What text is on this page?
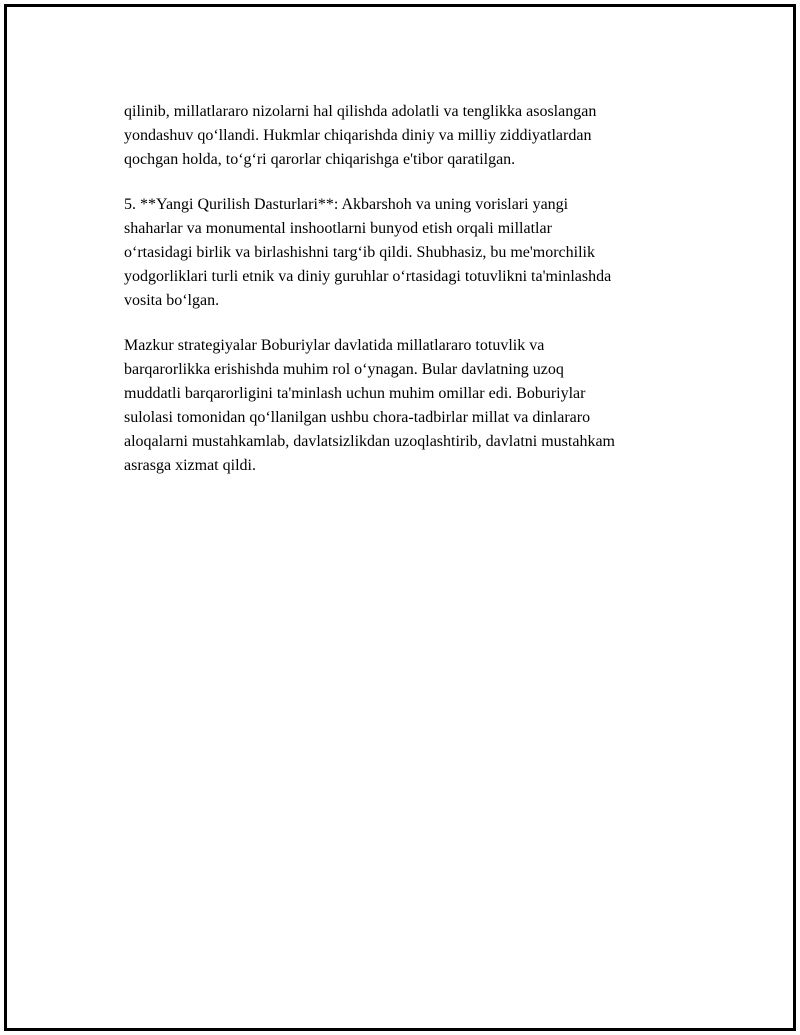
qilinib, millatlararo nizolarni hal qilishda adolatli va tenglikka asoslangan
yondashuv qo‘llandi. Hukmlar chiqarishda diniy va milliy ziddiyatlardan
qochgan holda, to‘g‘ri qarorlar chiqarishga e'tibor qaratilgan.

5. **Yangi Qurilish Dasturlari**: Akbarshoh va uning vorislari yangi
shaharlar va monumental inshootlarni bunyod etish orqali millatlar
o‘rtasidagi birlik va birlashishni targ‘ib qildi. Shubhasiz, bu me'morchilik
yodgorliklari turli etnik va diniy guruhlar o‘rtasidagi totuvlikni ta'minlashda
vosita bo‘lgan.

Mazkur strategiyalar Boburiylar davlatida millatlararo totuvlik va
barqarorlikka erishishda muhim rol o‘ynagan. Bular davlatning uzoq
muddatli barqarorligini ta'minlash uchun muhim omillar edi. Boburiylar
sulolasi tomonidan qo‘llanilgan ushbu chora-tadbirlar millat va dinlararo
aloqalarni mustahkamlab, davlatsizlikdan uzoqlashtirib, davlatni mustahkam
asrasga xizmat qildi.
